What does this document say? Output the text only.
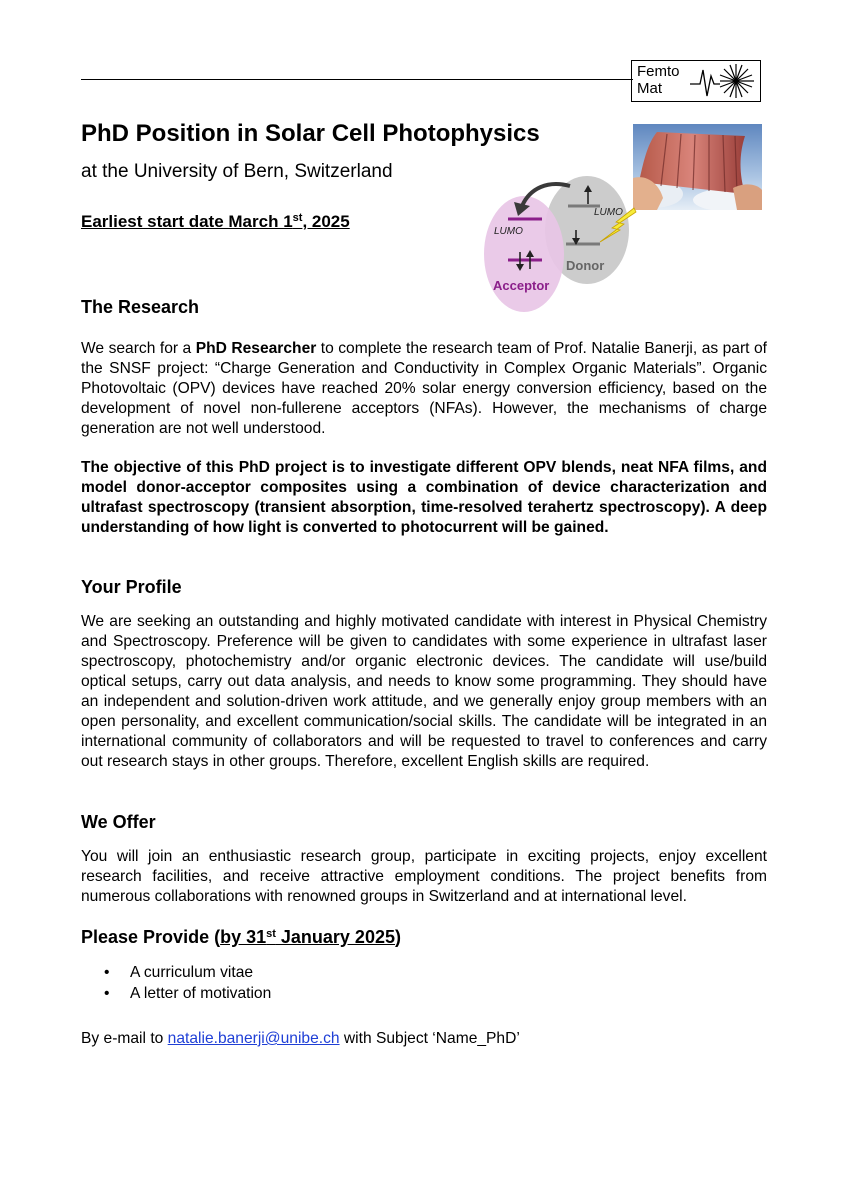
Femto
Mat
PhD Position in Solar Cell Photophysics
at the University of Bern, Switzerland
Earliest start date March 1st, 2025	LUMO
Donor
LUMO
Acceptor
The Research
We search for a PhD Researcher to complete the research team of Prof. Natalie Banerji, as part of the SNSF project: “Charge Generation and Conductivity in Complex Organic Materials”. Organic Photovoltaic (OPV) devices have reached 20% solar energy conversion efficiency, based on the development of novel non-fullerene acceptors (NFAs). However, the mechanisms of charge generation are not well understood.
The objective of this PhD project is to investigate different OPV blends, neat NFA films, and model donor-acceptor composites using a combination of device characterization and ultrafast spectroscopy (transient absorption, time-resolved terahertz spectroscopy). A deep understanding of how light is converted to photocurrent will be gained.
Your Profile
We are seeking an outstanding and highly motivated candidate with interest in Physical Chemistry and Spectroscopy. Preference will be given to candidates with some experience in ultrafast laser spectroscopy, photochemistry and/or organic electronic devices. The candidate will use/build optical setups, carry out data analysis, and needs to know some programming. They should have an independent and solution-driven work attitude, and we generally enjoy group members with an open personality, and excellent communication/social skills. The candidate will be integrated in an international community of collaborators and will be requested to travel to conferences and carry out research stays in other groups. Therefore, excellent English skills are required.
We Offer
You will join an enthusiastic research group, participate in exciting projects, enjoy excellent research facilities, and receive attractive employment conditions. The project benefits from numerous collaborations with renowned groups in Switzerland and at international level.
Please Provide (by 31st January 2025)
• A curriculum vitae
• A letter of motivation
By e-mail to natalie.banerji@unibe.ch with Subject ‘Name_PhD’
